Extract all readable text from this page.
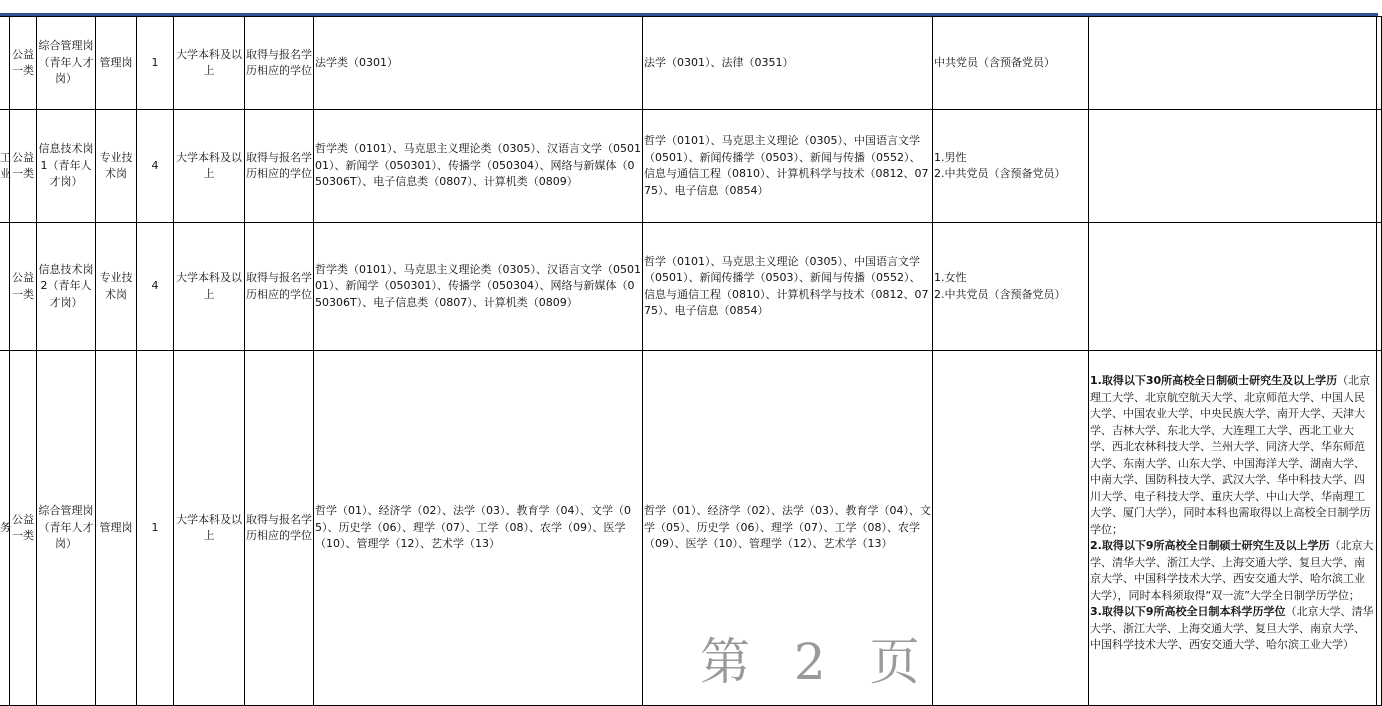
	公益一类	综合管理岗（青年人才岗）	管理岗	1	大学本科及以上	取得与报名学历相应的学位	法学类（0301）	法学（0301）、法律（0351）	中共党员（含预备党员）		
工业	公益一类	信息技术岗1（青年人才岗）	专业技术岗	4	大学本科及以上	取得与报名学历相应的学位	哲学类（0101）、马克思主义理论类（0305）、汉语言文学（050101）、新闻学（050301）、传播学（050304）、网络与新媒体（050306T）、电子信息类（0807）、计算机类（0809）	哲学（0101）、马克思主义理论（0305）、中国语言文学（0501）、新闻传播学（0503）、新闻与传播（0552）、信息与通信工程（0810）、计算机科学与技术（0812、0775）、电子信息（0854）	1.男性
2.中共党员（含预备党员）		

	公益一类	信息技术岗2（青年人才岗）	专业技术岗	4	大学本科及以上	取得与报名学历相应的学位	哲学类（0101）、马克思主义理论类（0305）、汉语言文学（050101）、新闻学（050301）、传播学（050304）、网络与新媒体（050306T）、电子信息类（0807）、计算机类（0809）	哲学（0101）、马克思主义理论（0305）、中国语言文学（0501）、新闻传播学（0503）、新闻与传播（0552）、信息与通信工程（0810）、计算机科学与技术（0812、0775）、电子信息（0854）	1.女性
2.中共党员（含预备党员）		

务	公益一类	综合管理岗（青年人才岗）	管理岗	1	大学本科及以上	取得与报名学历相应的学位	哲学（01）、经济学（02）、法学（03）、教育学（04）、文学（05）、历史学（06）、理学（07）、工学（08）、农学（09）、医学（10）、管理学（12）、艺术学（13）	哲学（01）、经济学（02）、法学（03）、教育学（04）、文学（05）、历史学（06）、理学（07）、工学（08）、农学（09）、医学（10）、管理学（12）、艺术学（13）		1.取得以下30所高校全日制硕士研究生及以上学历（北京理工大学、北京航空航天大学、北京师范大学、中国人民大学、中国农业大学、中央民族大学、南开大学、天津大学、吉林大学、东北大学、大连理工大学、西北工业大学、西北农林科技大学、兰州大学、同济大学、华东师范大学、东南大学、山东大学、中国海洋大学、湖南大学、中南大学、国防科技大学、武汉大学、华中科技大学、四川大学、电子科技大学、重庆大学、中山大学、华南理工大学、厦门大学），同时本科也需取得以上高校全日制学历学位；
2.取得以下9所高校全日制硕士研究生及以上学历（北京大学、清华大学、浙江大学、上海交通大学、复旦大学、南京大学、中国科学技术大学、西安交通大学、哈尔滨工业大学），同时本科须取得“双一流”大学全日制学历学位；
3.取得以下9所高校全日制本科学历学位（北京大学、清华大学、浙江大学、上海交通大学、复旦大学、南京大学、中国科学技术大学、西安交通大学、哈尔滨工业大学）	
第 2 页
